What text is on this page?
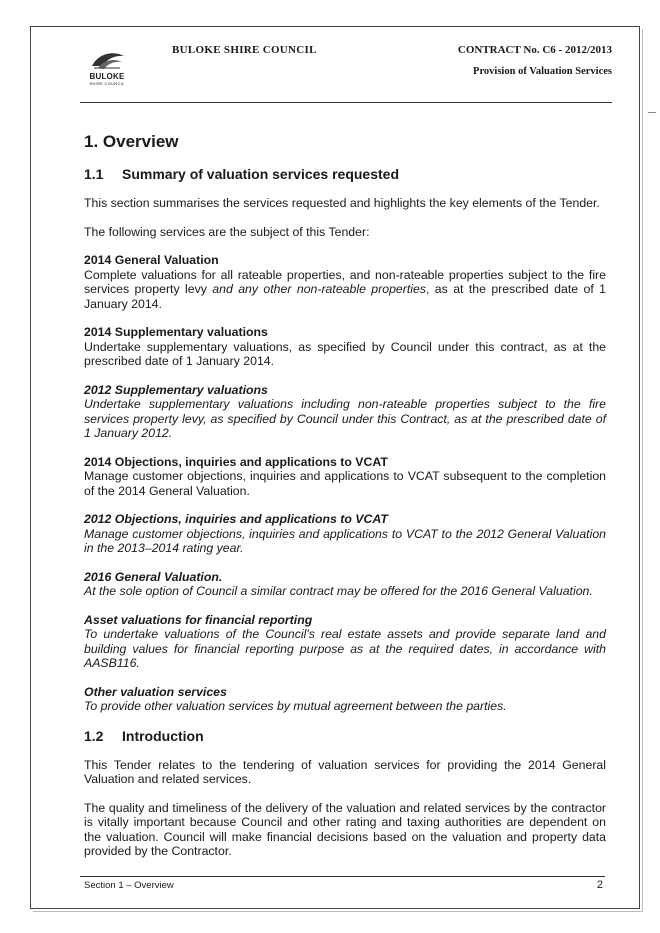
BULOKE
SHIRE COUNCIL
BULOKE SHIRE COUNCIL	CONTRACT No. C6 - 2012/2013
Provision of Valuation Services
1. Overview
1.1	Summary of valuation services requested

This section summarises the services requested and highlights the key elements of the Tender.

The following services are the subject of this Tender:

2014 General Valuation

Complete valuations for all rateable properties, and non-rateable properties subject to the fire services property levy and any other non-rateable properties, as at the prescribed date of 1 January 2014.

2014 Supplementary valuations

Undertake supplementary valuations, as specified by Council under this contract, as at the prescribed date of 1 January 2014.

2012 Supplementary valuations

Undertake supplementary valuations including non-rateable properties subject to the fire services property levy, as specified by Council under this Contract, as at the prescribed date of 1 January 2012.

2014 Objections, inquiries and applications to VCAT

Manage customer objections, inquiries and applications to VCAT subsequent to the completion of the 2014 General Valuation.

2012 Objections, inquiries and applications to VCAT

Manage customer objections, inquiries and applications to VCAT to the 2012 General Valuation in the 2013–2014 rating year.

2016 General Valuation.

At the sole option of Council a similar contract may be offered for the 2016 General Valuation.

Asset valuations for financial reporting

To undertake valuations of the Council's real estate assets and provide separate land and building values for financial reporting purpose as at the required dates, in accordance with AASB116.

Other valuation services

To provide other valuation services by mutual agreement between the parties.

1.2	Introduction

This Tender relates to the tendering of valuation services for providing the 2014 General Valuation and related services.

The quality and timeliness of the delivery of the valuation and related services by the contractor is vitally important because Council and other rating and taxing authorities are dependent on the valuation. Council will make financial decisions based on the valuation and property data provided by the Contractor.

Section 1 – Overview	2
